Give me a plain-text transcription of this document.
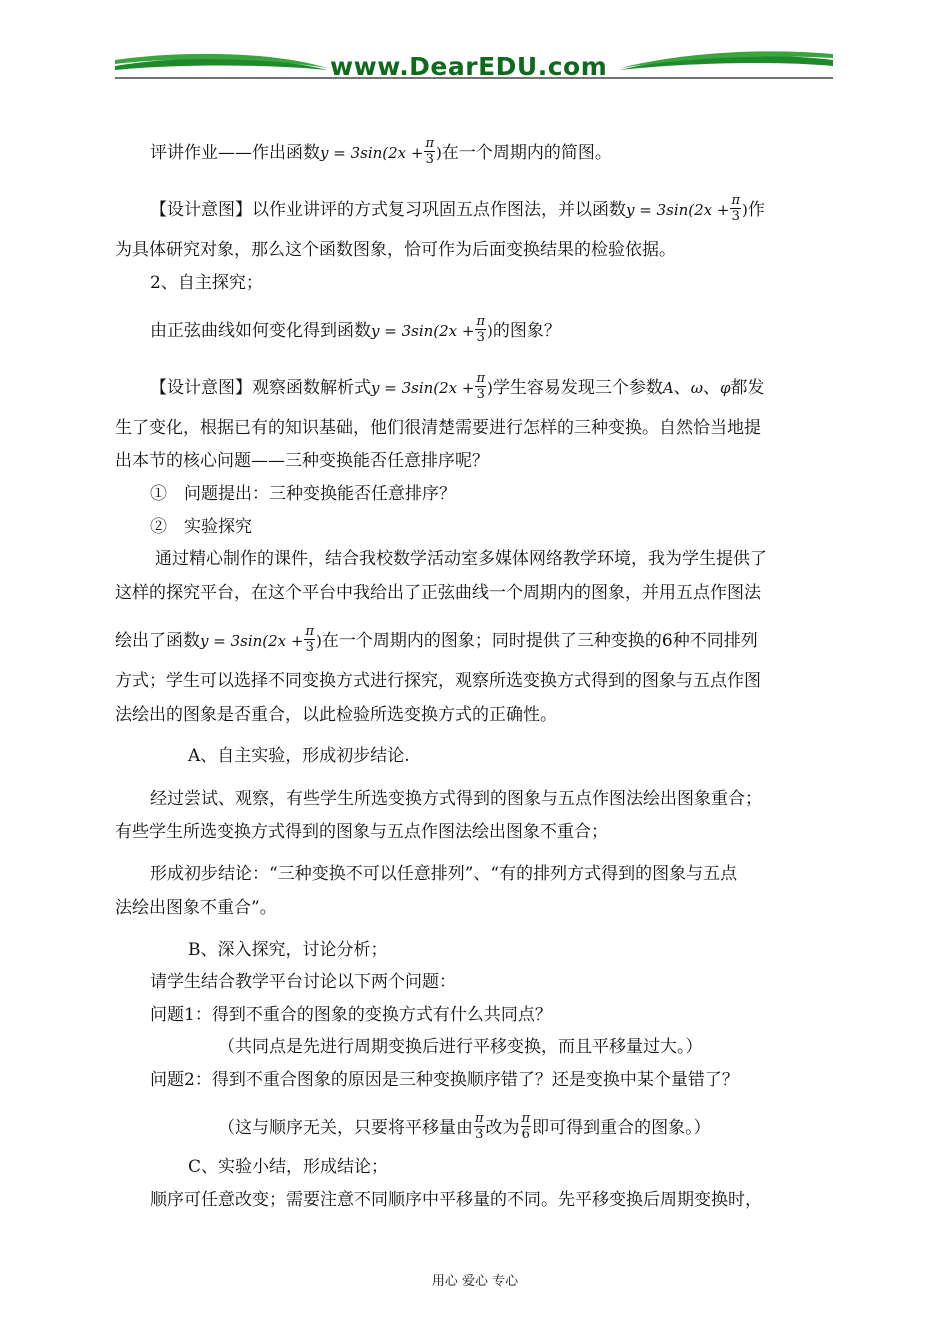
www.DearEDU.com
评讲作业——作出函数$y = 3\sin(2x + \frac{\pi}{3}$ )在一个周期内的简图。
【设计意图】以作业讲评的方式复习巩固五点作图法，并以函数$y = 3\sin(2x + \frac{\pi}{3}$ )作
为具体研究对象，那么这个函数图象，恰可作为后面变换结果的检验依据。
2、自主探究；
由正弦曲线如何变化得到函数$y = 3\sin(2x + \frac{\pi}{3}$ )的图象？
【设计意图】观察函数解析式$y = 3\sin(2x + \frac{\pi}{3}$ )学生容易发现三个参数A、ω、φ都发
生了变化，根据已有的知识基础，他们很清楚需要进行怎样的三种变换。自然恰当地提
出本节的核心问题——三种变换能否任意排序呢？
①　问题提出：三种变换能否任意排序？
②　实验探究
通过精心制作的课件，结合我校数学活动室多媒体网络教学环境，我为学生提供了
这样的探究平台，在这个平台中我给出了正弦曲线一个周期内的图象，并用五点作图法
绘出了函数$y = 3\sin(2x + \frac{\pi}{3}$ )在一个周期内的图象；同时提供了三种变换的6种不同排列
方式；学生可以选择不同变换方式进行探究，观察所选变换方式得到的图象与五点作图
法绘出的图象是否重合，以此检验所选变换方式的正确性。
A、自主实验，形成初步结论.
经过尝试、观察，有些学生所选变换方式得到的图象与五点作图法绘出图象重合；
有些学生所选变换方式得到的图象与五点作图法绘出图象不重合；
形成初步结论：“三种变换不可以任意排列”、“有的排列方式得到的图象与五点
法绘出图象不重合”。
B、深入探究，讨论分析；
请学生结合教学平台讨论以下两个问题：
问题1：得到不重合的图象的变换方式有什么共同点？
（共同点是先进行周期变换后进行平移变换，而且平移量过大。）
问题2：得到不重合图象的原因是三种变换顺序错了？还是变换中某个量错了？
（这与顺序无关，只要将平移量由 $\frac{\pi}{3}$ 改为 $\frac{\pi}{6}$ 即可得到重合的图象。）
C、实验小结，形成结论；
顺序可任意改变；需要注意不同顺序中平移量的不同。先平移变换后周期变换时，
用心 爱心 专心
